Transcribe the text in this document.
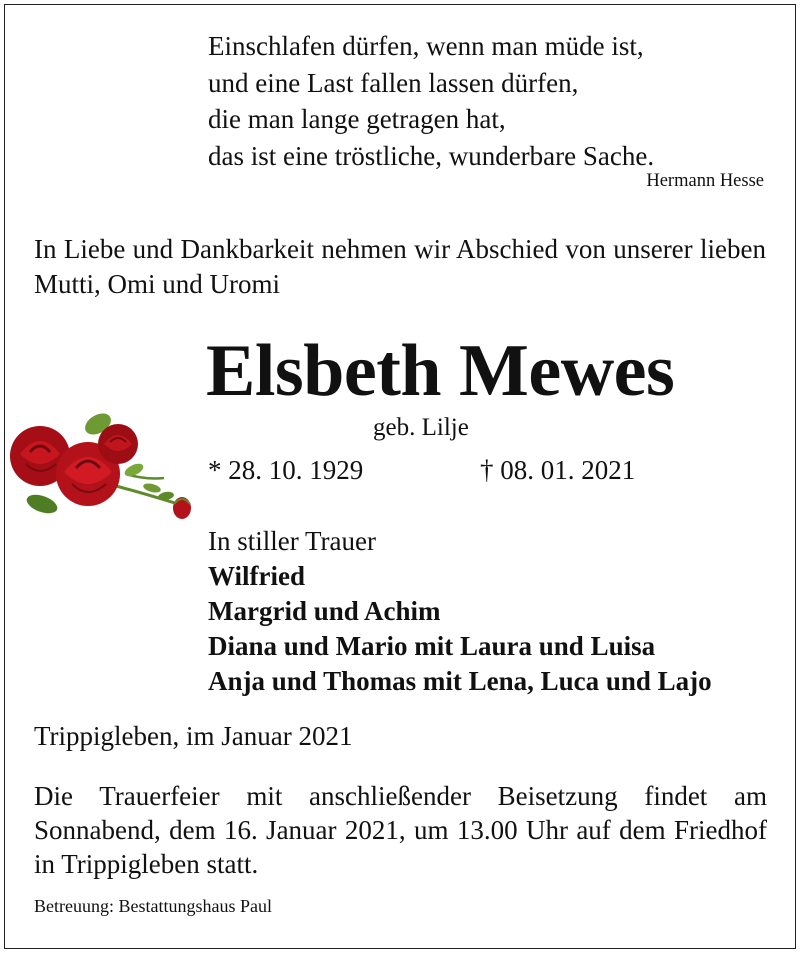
Einschlafen dürfen, wenn man müde ist,
und eine Last fallen lassen dürfen,
die man lange getragen hat,
das ist eine tröstliche, wunderbare Sache.
Hermann Hesse
In Liebe und Dankbarkeit nehmen wir Abschied von unserer lieben Mutti, Omi und Uromi
Elsbeth Mewes
geb. Lilje
* 28. 10. 1929	† 08. 01. 2021
In stiller Trauer
Wilfried
Margrid und Achim
Diana und Mario mit Laura und Luisa
Anja und Thomas mit Lena, Luca und Lajo
Trippigleben, im Januar 2021
Die Trauerfeier mit anschließender Beisetzung findet am Sonnabend, dem 16. Januar 2021, um 13.00 Uhr auf dem Friedhof in Trippigleben statt.
Betreuung: Bestattungshaus Paul
